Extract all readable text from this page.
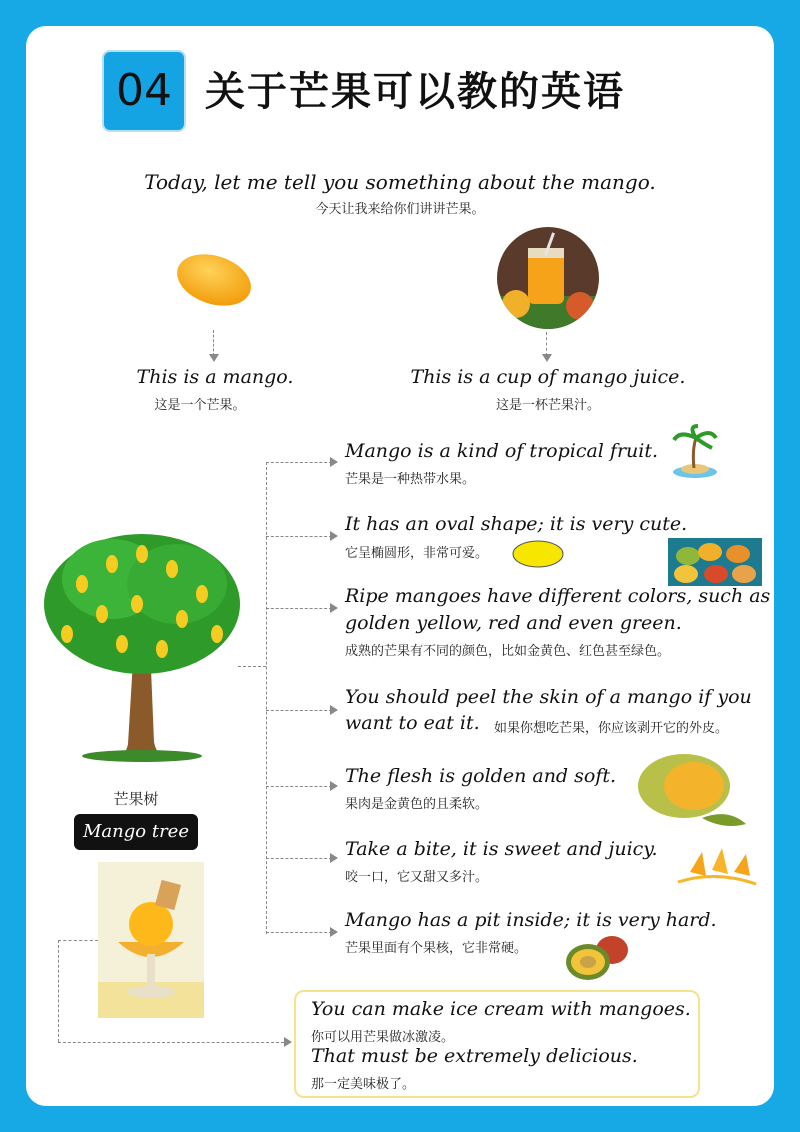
04 关于芒果可以教的英语
Today, let me tell you something about the mango.
今天让我来给你们讲讲芒果。
This is a mango.
这是一个芒果。
This is a cup of mango juice.
这是一杯芒果汁。
芒果树
Mango tree
Mango is a kind of tropical fruit.
芒果是一种热带水果。
It has an oval shape; it is very cute.
它呈椭圆形，非常可爱。
Ripe mangoes have different colors, such as
golden yellow, red and even green.
成熟的芒果有不同的颜色，比如金黄色、红色甚至绿色。
You should peel the skin of a mango if you
want to eat it. 如果你想吃芒果，你应该剥开它的外皮。
The flesh is golden and soft.
果肉是金黄色的且柔软。
Take a bite, it is sweet and juicy.
咬一口，它又甜又多汁。
Mango has a pit inside; it is very hard.
芒果里面有个果核，它非常硬。
You can make ice cream with mangoes.
你可以用芒果做冰激凌。
That must be extremely delicious.
那一定美味极了。
